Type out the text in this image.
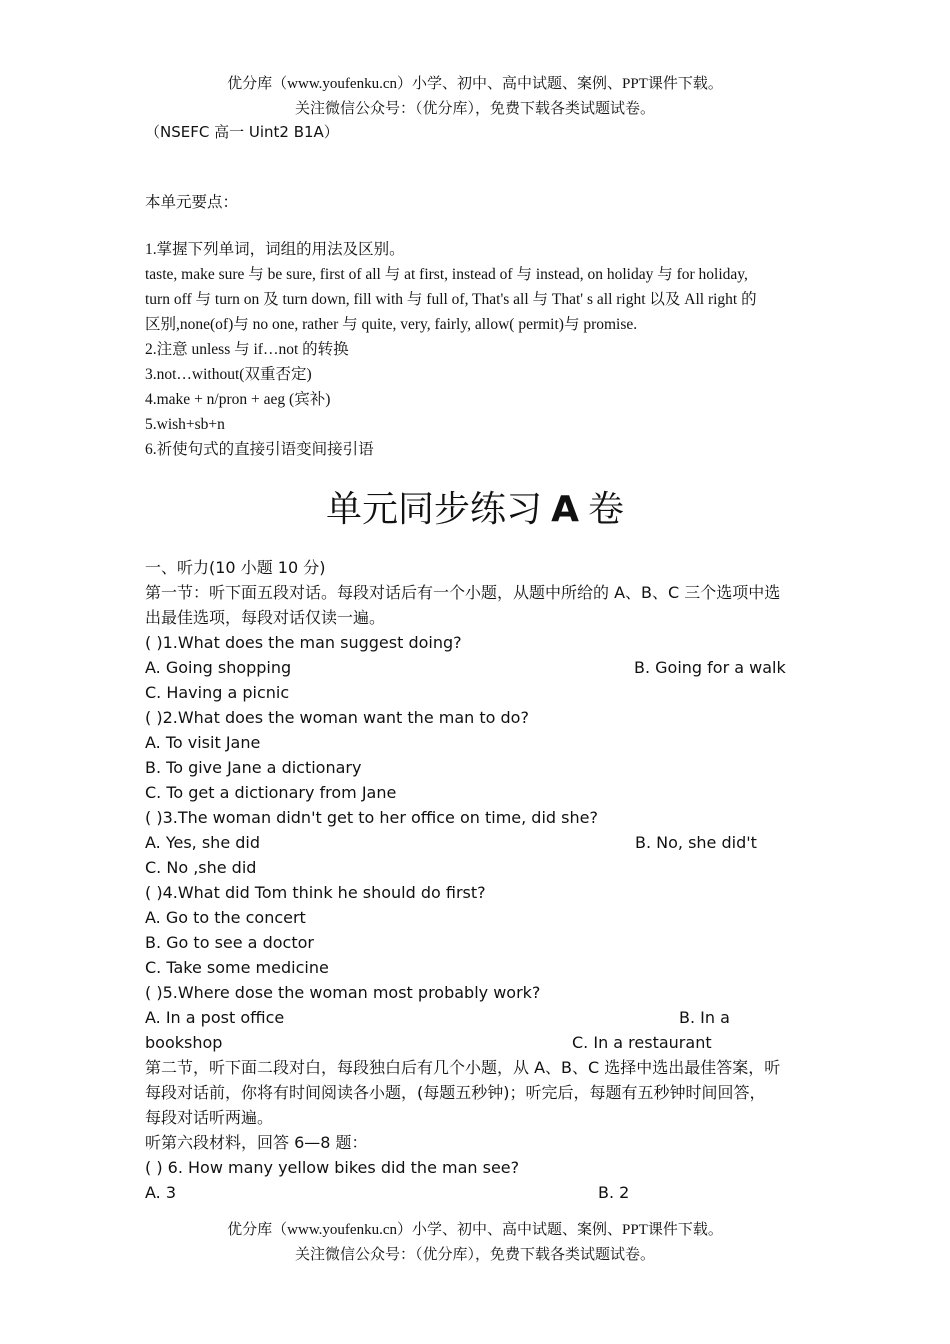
优分库（www.youfenku.cn）小学、初中、高中试题、案例、PPT课件下载。
关注微信公众号：（优分库），免费下载各类试题试卷。
（NSEFC 高一 Uint2 B1A）
本单元要点：
1.掌握下列单词，词组的用法及区别。
taste, make sure 与 be sure, first of all 与 at first, instead of 与 instead, on holiday 与 for holiday,
turn off 与 turn on 及 turn down, fill with 与 full of, That's all 与 That' s all right 以及 All right 的
区别,none(of)与 no one, rather 与 quite, very, fairly, allow( permit)与 promise.
2.注意 unless 与 if…not 的转换
3.not…without(双重否定)
4.make + n/pron + aeg (宾补)
5.wish+sb+n
6.祈使句式的直接引语变间接引语
单元同步练习 A 卷
一、听力(10 小题 10 分)
第一节：听下面五段对话。每段对话后有一个小题，从题中所给的 A、B、C 三个选项中选
出最佳选项，每段对话仅读一遍。
( )1.What does the man suggest doing?
A. Going shopping	B. Going for a walk
C. Having a picnic
( )2.What does the woman want the man to do?
A. To visit Jane
B. To give Jane a dictionary
C. To get a dictionary from Jane
( )3.The woman didn't get to her office on time, did she?
A. Yes, she did	B. No, she did't
C. No ,she did
( )4.What did Tom think he should do first?
A. Go to the concert
B. Go to see a doctor
C. Take some medicine
( )5.Where dose the woman most probably work?
A. In a post office	B. In a
bookshop	C. In a restaurant
第二节，听下面二段对白，每段独白后有几个小题，从 A、B、C 选择中选出最佳答案，听
每段对话前，你将有时间阅读各小题，(每题五秒钟)；听完后，每题有五秒钟时间回答，
每段对话听两遍。
听第六段材料，回答 6—8 题：
( ) 6. How many yellow bikes did the man see?
A. 3	B. 2
优分库（www.youfenku.cn）小学、初中、高中试题、案例、PPT课件下载。
关注微信公众号：（优分库），免费下载各类试题试卷。
